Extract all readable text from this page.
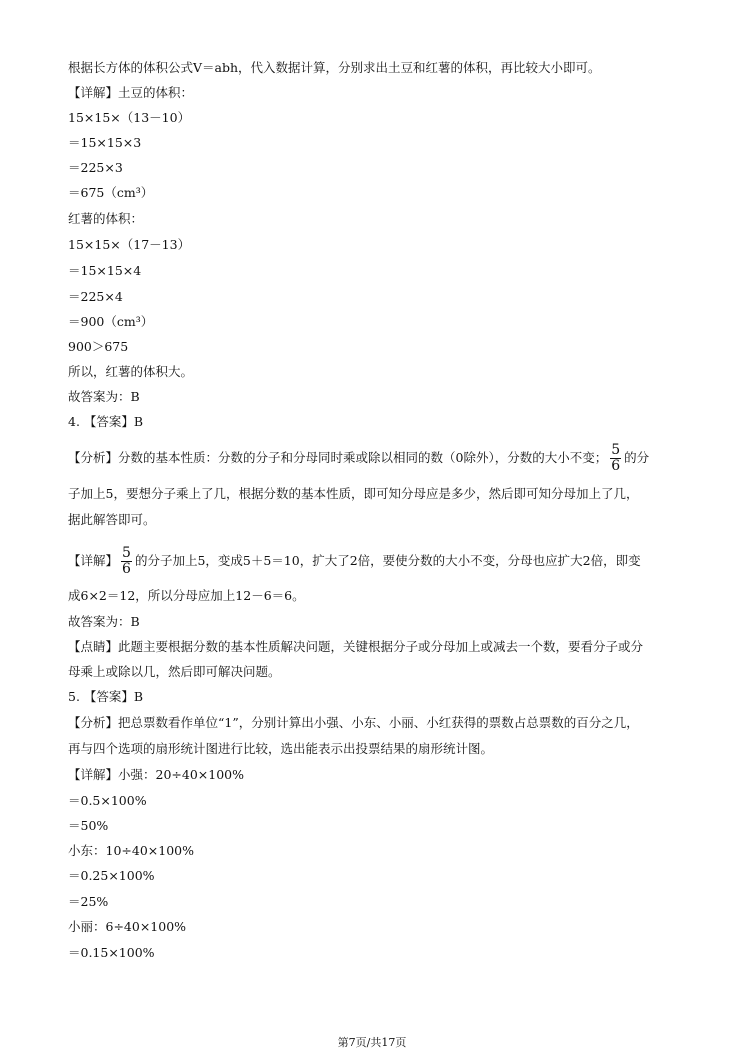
根据长方体的体积公式V＝abh，代入数据计算，分别求出土豆和红薯的体积，再比较大小即可。
【详解】土豆的体积：
15×15×（13－10）
＝15×15×3
＝225×3
＝675（cm³）
红薯的体积：
15×15×（17－13）
＝15×15×4
＝225×4
＝900（cm³）
900＞675
所以，红薯的体积大。
故答案为：B
4. 【答案】B
【分析】分数的基本性质：分数的分子和分母同时乘或除以相同的数（0除外），分数的大小不变； $\frac{5}{6}$ 的分
子加上5，要想分子乘上了几，根据分数的基本性质，即可知分母应是多少，然后即可知分母加上了几，
据此解答即可。
【详解】 $\frac{5}{6}$ 的分子加上5，变成5＋5＝10，扩大了2倍，要使分数的大小不变，分母也应扩大2倍，即变
成6×2＝12，所以分母应加上12－6＝6。
故答案为：B
【点睛】此题主要根据分数的基本性质解决问题，关键根据分子或分母加上或减去一个数，要看分子或分
母乘上或除以几，然后即可解决问题。
5. 【答案】B
【分析】把总票数看作单位“1”，分别计算出小强、小东、小丽、小红获得的票数占总票数的百分之几，
再与四个选项的扇形统计图进行比较，选出能表示出投票结果的扇形统计图。
【详解】小强：20÷40×100%
＝0.5×100%
＝50%
小东：10÷40×100%
＝0.25×100%
＝25%
小丽：6÷40×100%
＝0.15×100%
第7页/共17页
